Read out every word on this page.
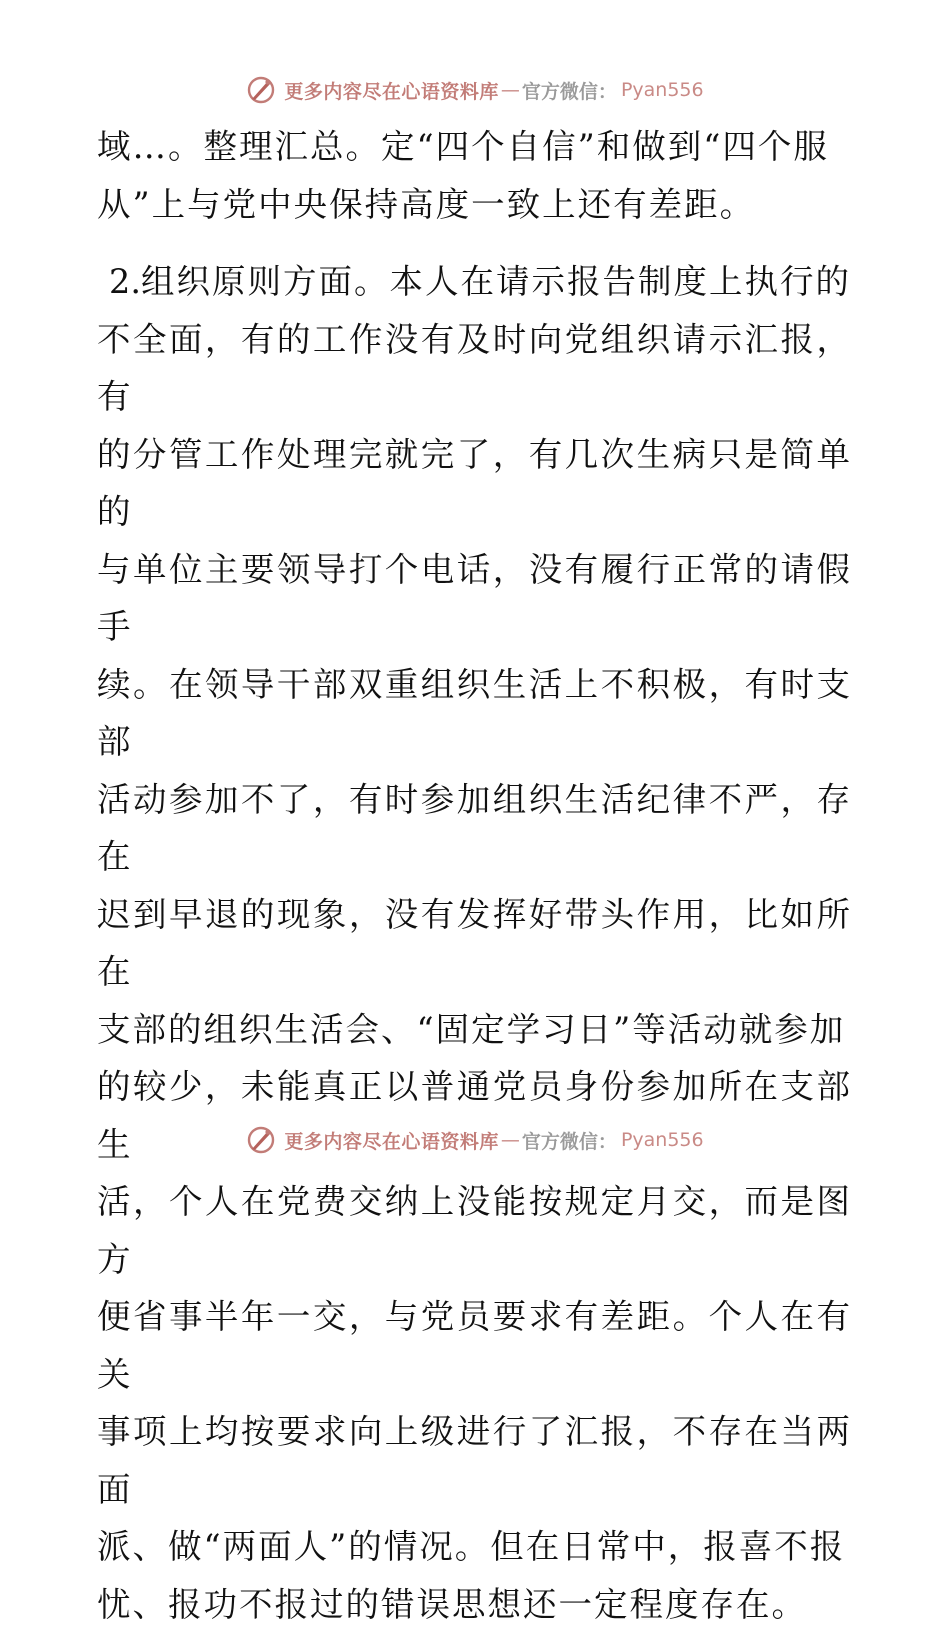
更多内容尽在心语资料库 — 官方微信： Pyan556

域…。整理汇总。定“四个自信”和做到“四个服
从”上与党中央保持高度一致上还有差距。

2.组织原则方面。本人在请示报告制度上执行的
不全面，有的工作没有及时向党组织请示汇报，有
的分管工作处理完就完了，有几次生病只是简单的
与单位主要领导打个电话，没有履行正常的请假手
续。在领导干部双重组织生活上不积极，有时支部
活动参加不了，有时参加组织生活纪律不严，存在
迟到早退的现象，没有发挥好带头作用，比如所在
支部的组织生活会、“固定学习日”等活动就参加
的较少，未能真正以普通党员身份参加所在支部生
活，个人在党费交纳上没能按规定月交，而是图方
便省事半年一交，与党员要求有差距。个人在有关
事项上均按要求向上级进行了汇报，不存在当两面
派、做“两面人”的情况。但在日常中，报喜不报
忧、报功不报过的错误思想还一定程度存在。

更多内容尽在心语资料库 — 官方微信： Pyan556
